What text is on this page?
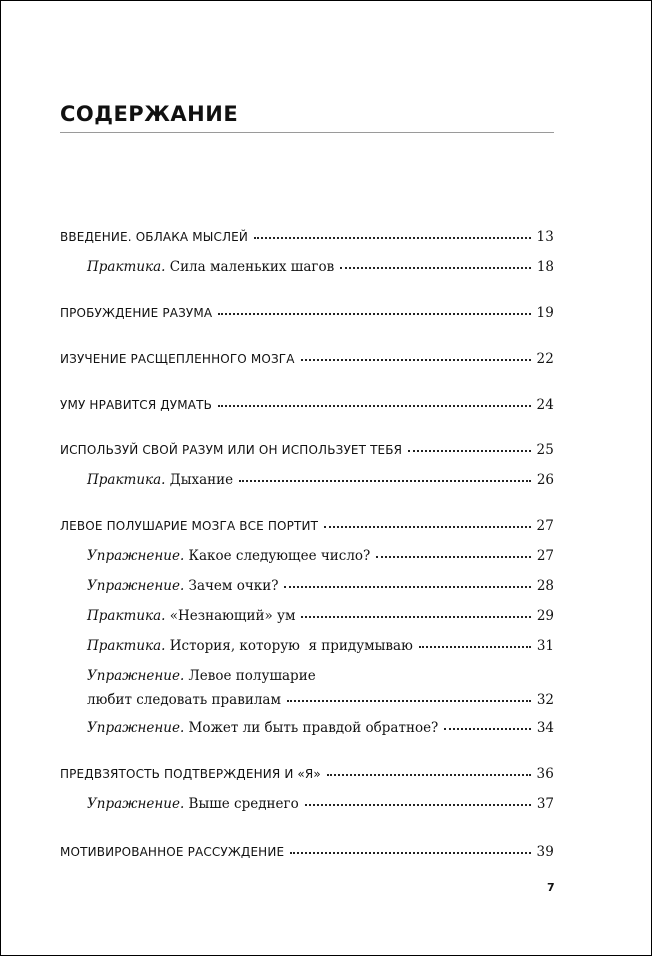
СОДЕРЖАНИЕ
ВВЕДЕНИЕ. ОБЛАКА МЫСЛЕЙ	13
Практика. Сила маленьких шагов	18
ПРОБУЖДЕНИЕ РАЗУМА	19
ИЗУЧЕНИЕ РАСЩЕПЛЕННОГО МОЗГА	22
УМУ НРАВИТСЯ ДУМАТЬ	24
ИСПОЛЬЗУЙ СВОЙ РАЗУМ ИЛИ ОН ИСПОЛЬЗУЕТ ТЕБЯ	25
Практика. Дыхание	26
ЛЕВОЕ ПОЛУШАРИЕ МОЗГА ВСЕ ПОРТИТ	27
Упражнение. Какое следующее число?	27
Упражнение. Зачем очки?	28
Практика. «Незнающий» ум	29
Практика. История, которую  я придумываю	31
Упражнение. Левое полушарие
любит следовать правилам	32
Упражнение. Может ли быть правдой обратное?	34
ПРЕДВЗЯТОСТЬ ПОДТВЕРЖДЕНИЯ И «Я»	36
Упражнение. Выше среднего	37
МОТИВИРОВАННОЕ РАССУЖДЕНИЕ	39
7
